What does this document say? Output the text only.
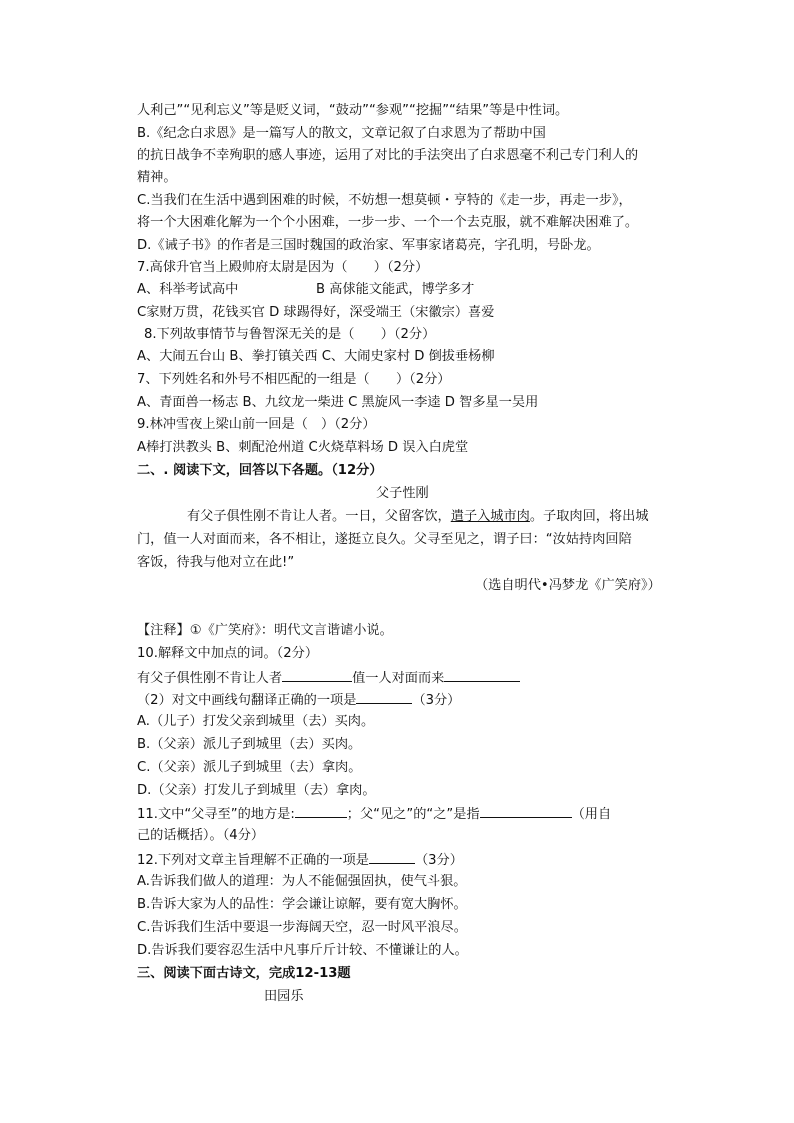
人利己”“见利忘义”等是贬义词，“鼓动”“参观”“挖掘”“结果”等是中性词。
B.《纪念白求恩》是一篇写人的散文，文章记叙了白求恩为了帮助中国
的抗日战争不幸殉职的感人事迹，运用了对比的手法突出了白求恩毫不利己专门利人的
精神。
C.当我们在生活中遇到困难的时候，不妨想一想莫顿・亨特的《走一步，再走一步》，
将一个大困难化解为一个个小困难，一步一步、一个一个去克服，就不难解决困难了。
D.《诫子书》的作者是三国时魏国的政治家、军事家诸葛亮，字孔明，号卧龙。
7.高俅升官当上殿帅府太尉是因为（　　）（2分）
A、科举考试高中	B 高俅能文能武，博学多才
C家财万贯，花钱买官 D 球踢得好，深受端王（宋徽宗）喜爱
8.下列故事情节与鲁智深无关的是（　　）（2分）
A、大闹五台山 B、拳打镇关西 C、大闹史家村 D 倒拔垂杨柳
7、下列姓名和外号不相匹配的一组是（　　）（2分）
A、青面兽一杨志 B、九纹龙一柴进 C 黑旋风一李逵 D 智多星一吴用
9.林冲雪夜上梁山前一回是（　）（2分）
A棒打洪教头 B、刺配沧州道 C火烧草料场 D 误入白虎堂
二、. 阅读下文，回答以下各题。（12分）
父子性刚
有父子俱性刚不肯让人者。一日，父留客饮，遣子入城市肉。子取肉回，将出城
门，值一人对面而来，各不相让，遂挺立良久。父寻至见之，谓子曰：“汝姑持肉回陪
客饭，待我与他对立在此!”
（选自明代•冯梦龙《广笑府》）
【注释】①《广笑府》：明代文言谐谑小说。
10.解释文中加点的词。（2分）
有父子俱性刚不肯让人者	值一人对面而来
（2）对文中画线句翻译正确的一项是	（3分）
A.（儿子）打发父亲到城里（去）买肉。
B.（父亲）派儿子到城里（去）买肉。
C.（父亲）派儿子到城里（去）拿肉。
D.（父亲）打发儿子到城里（去）拿肉。
11.文中“父寻至”的地方是:	；父“见之”的“之”是指	（用自
己的话概括）。（4分）
12.下列对文章主旨理解不正确的一项是	（3分）
A.告诉我们做人的道理：为人不能倔强固执，使气斗狠。
B.告诉大家为人的品性：学会谦让谅解，要有宽大胸怀。
C.告诉我们生活中要退一步海阔天空，忍一时风平浪尽。
D.告诉我们要容忍生活中凡事斤斤计较、不懂谦让的人。
三、阅读下面古诗文，完成12-13题
田园乐
